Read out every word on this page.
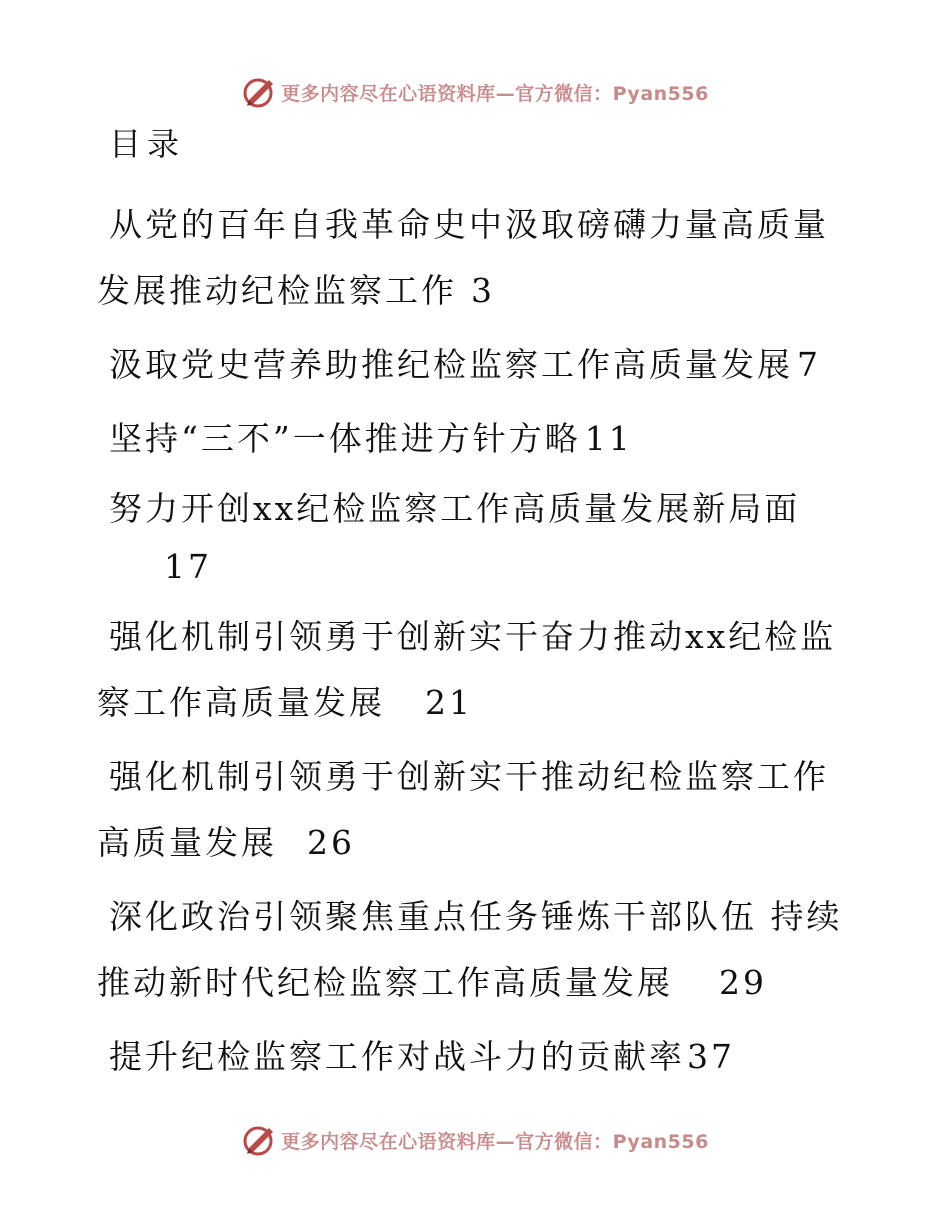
更多内容尽在心语资料库—官方微信：Pyan556
目录

从党的百年自我革命史中汲取磅礴力量高质量发展推动纪检监察工作 3

汲取党史营养助推纪检监察工作高质量发展 7

坚持“三不”一体推进方针方略 11

努力开创xx纪检监察工作高质量发展新局面

17

强化机制引领勇于创新实干奋力推动xx纪检监察工作高质量发展 21

强化机制引领勇于创新实干推动纪检监察工作高质量发展 26

深化政治引领聚焦重点任务锤炼干部队伍 持续推动新时代纪检监察工作高质量发展 29

提升纪检监察工作对战斗力的贡献率37

更多内容尽在心语资料库—官方微信：Pyan556
